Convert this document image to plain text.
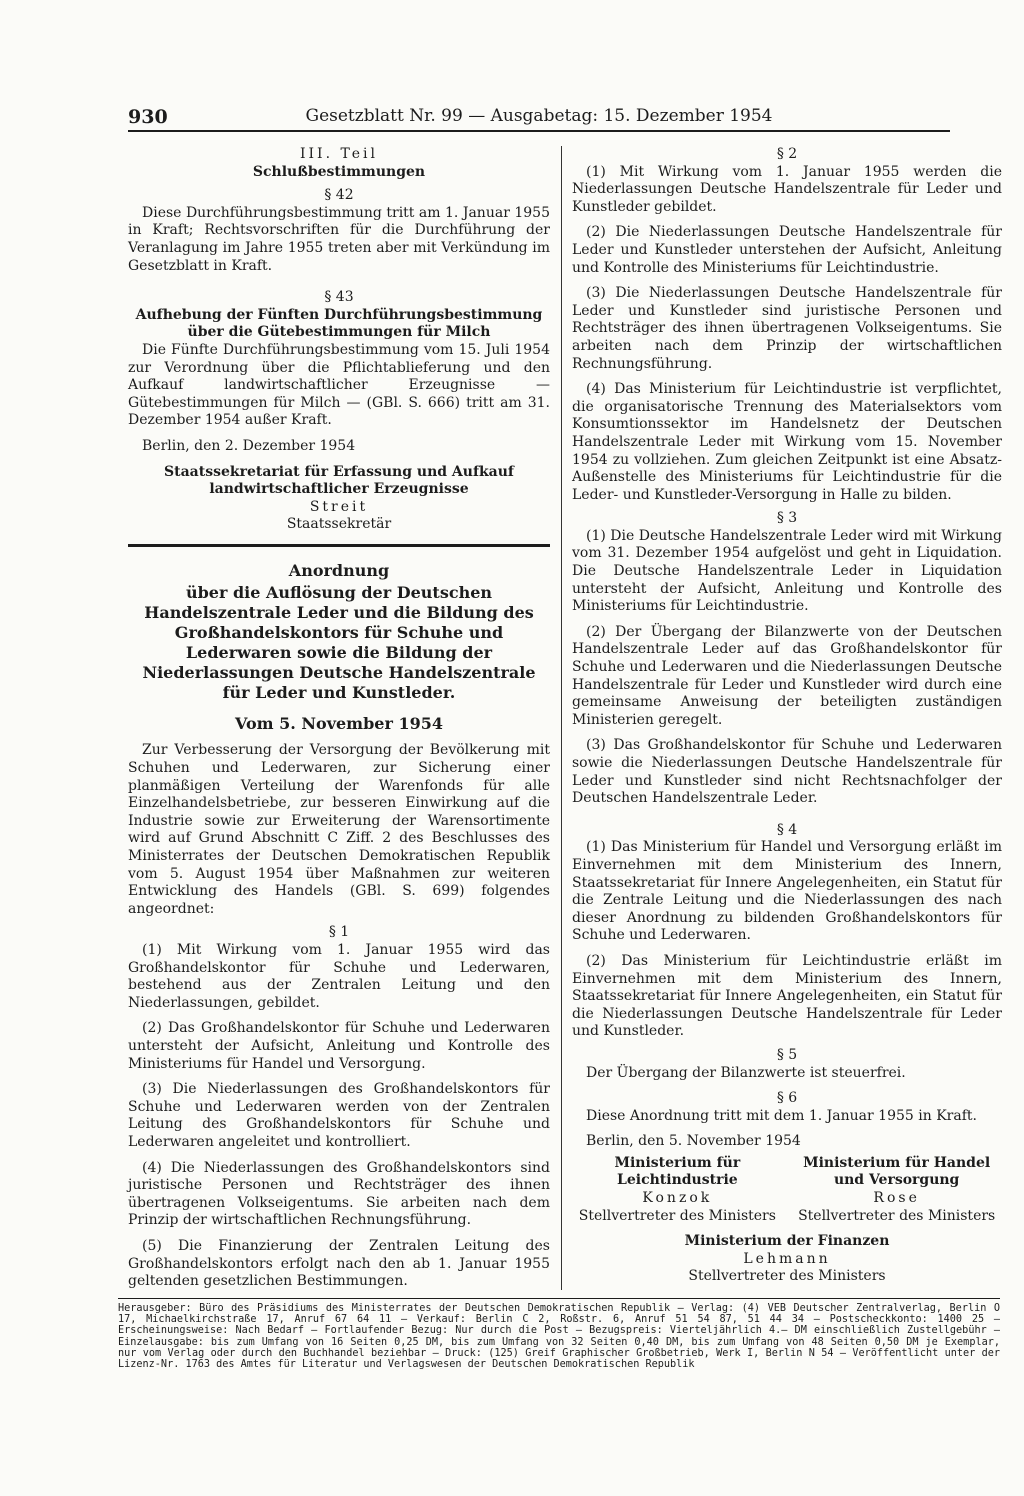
930	Gesetzblatt Nr. 99 — Ausgabetag: 15. Dezember 1954
III. Teil
Schlußbestimmungen
§ 42

Diese Durchführungsbestimmung tritt am 1. Januar 1955 in Kraft; Rechtsvorschriften für die Durchführung der Veranlagung im Jahre 1955 treten aber mit Verkündung im Gesetzblatt in Kraft.

§ 43
Aufhebung der Fünften Durchführungsbestimmung über die Gütebestimmungen für Milch

Die Fünfte Durchführungsbestimmung vom 15. Juli 1954 zur Verordnung über die Pflichtablieferung und den Aufkauf landwirtschaftlicher Erzeugnisse — Gütebestimmungen für Milch — (GBl. S. 666) tritt am 31. Dezember 1954 außer Kraft.

Berlin, den 2. Dezember 1954

Staatssekretariat für Erfassung und Aufkauf landwirtschaftlicher Erzeugnisse
Streit
Staatssekretär
Anordnung
über die Auflösung der Deutschen Handelszentrale Leder und die Bildung des Großhandelskontors für Schuhe und Lederwaren sowie die Bildung der Niederlassungen Deutsche Handelszentrale für Leder und Kunstleder.
Vom 5. November 1954

Zur Verbesserung der Versorgung der Bevölkerung mit Schuhen und Lederwaren, zur Sicherung einer planmäßigen Verteilung der Warenfonds für alle Einzelhandelsbetriebe, zur besseren Einwirkung auf die Industrie sowie zur Erweiterung der Warensortimente wird auf Grund Abschnitt C Ziff. 2 des Beschlusses des Ministerrates der Deutschen Demokratischen Republik vom 5. August 1954 über Maßnahmen zur weiteren Entwicklung des Handels (GBl. S. 699) folgendes angeordnet:

§ 1

(1) Mit Wirkung vom 1. Januar 1955 wird das Großhandelskontor für Schuhe und Lederwaren, bestehend aus der Zentralen Leitung und den Niederlassungen, gebildet.

(2) Das Großhandelskontor für Schuhe und Lederwaren untersteht der Aufsicht, Anleitung und Kontrolle des Ministeriums für Handel und Versorgung.

(3) Die Niederlassungen des Großhandelskontors für Schuhe und Lederwaren werden von der Zentralen Leitung des Großhandelskontors für Schuhe und Lederwaren angeleitet und kontrolliert.

(4) Die Niederlassungen des Großhandelskontors sind juristische Personen und Rechtsträger des ihnen übertragenen Volkseigentums. Sie arbeiten nach dem Prinzip der wirtschaftlichen Rechnungsführung.

(5) Die Finanzierung der Zentralen Leitung des Großhandelskontors erfolgt nach den ab 1. Januar 1955 geltenden gesetzlichen Bestimmungen.

§ 2

(1) Mit Wirkung vom 1. Januar 1955 werden die Niederlassungen Deutsche Handelszentrale für Leder und Kunstleder gebildet.

(2) Die Niederlassungen Deutsche Handelszentrale für Leder und Kunstleder unterstehen der Aufsicht, Anleitung und Kontrolle des Ministeriums für Leichtindustrie.

(3) Die Niederlassungen Deutsche Handelszentrale für Leder und Kunstleder sind juristische Personen und Rechtsträger des ihnen übertragenen Volkseigentums. Sie arbeiten nach dem Prinzip der wirtschaftlichen Rechnungsführung.

(4) Das Ministerium für Leichtindustrie ist verpflichtet, die organisatorische Trennung des Materialsektors vom Konsumtionssektor im Handelsnetz der Deutschen Handelszentrale Leder mit Wirkung vom 15. November 1954 zu vollziehen. Zum gleichen Zeitpunkt ist eine Absatz-Außenstelle des Ministeriums für Leichtindustrie für die Leder- und Kunstleder-Versorgung in Halle zu bilden.

§ 3

(1) Die Deutsche Handelszentrale Leder wird mit Wirkung vom 31. Dezember 1954 aufgelöst und geht in Liquidation. Die Deutsche Handelszentrale Leder in Liquidation untersteht der Aufsicht, Anleitung und Kontrolle des Ministeriums für Leichtindustrie.

(2) Der Übergang der Bilanzwerte von der Deutschen Handelszentrale Leder auf das Großhandelskontor für Schuhe und Lederwaren und die Niederlassungen Deutsche Handelszentrale für Leder und Kunstleder wird durch eine gemeinsame Anweisung der beteiligten zuständigen Ministerien geregelt.

(3) Das Großhandelskontor für Schuhe und Lederwaren sowie die Niederlassungen Deutsche Handelszentrale für Leder und Kunstleder sind nicht Rechtsnachfolger der Deutschen Handelszentrale Leder.

§ 4

(1) Das Ministerium für Handel und Versorgung erläßt im Einvernehmen mit dem Ministerium des Innern, Staatssekretariat für Innere Angelegenheiten, ein Statut für die Zentrale Leitung und die Niederlassungen des nach dieser Anordnung zu bildenden Großhandelskontors für Schuhe und Lederwaren.

(2) Das Ministerium für Leichtindustrie erläßt im Einvernehmen mit dem Ministerium des Innern, Staatssekretariat für Innere Angelegenheiten, ein Statut für die Niederlassungen Deutsche Handelszentrale für Leder und Kunstleder.

§ 5

Der Übergang der Bilanzwerte ist steuerfrei.

§ 6

Diese Anordnung tritt mit dem 1. Januar 1955 in Kraft.

Berlin, den 5. November 1954

Ministerium für Leichtindustrie
Konzok
Stellvertreter des Ministers
Ministerium für Handel und Versorgung
Rose
Stellvertreter des Ministers
Ministerium der Finanzen
Lehmann
Stellvertreter des Ministers
Herausgeber: Büro des Präsidiums des Ministerrates der Deutschen Demokratischen Republik — Verlag: (4) VEB Deutscher Zentralverlag, Berlin O 17, Michaelkirchstraße 17, Anruf 67 64 11 — Verkauf: Berlin C 2, Roßstr. 6, Anruf 51 54 87, 51 44 34 — Postscheckkonto: 1400 25 — Erscheinungsweise: Nach Bedarf — Fortlaufender Bezug: Nur durch die Post — Bezugspreis: Vierteljährlich 4.— DM einschließlich Zustellgebühr — Einzelausgabe: bis zum Umfang von 16 Seiten 0,25 DM, bis zum Umfang von 32 Seiten 0,40 DM, bis zum Umfang von 48 Seiten 0,50 DM je Exemplar, nur vom Verlag oder durch den Buchhandel beziehbar — Druck: (125) Greif Graphischer Großbetrieb, Werk I, Berlin N 54 — Veröffentlicht unter der Lizenz-Nr. 1763 des Amtes für Literatur und Verlagswesen der Deutschen Demokratischen Republik
